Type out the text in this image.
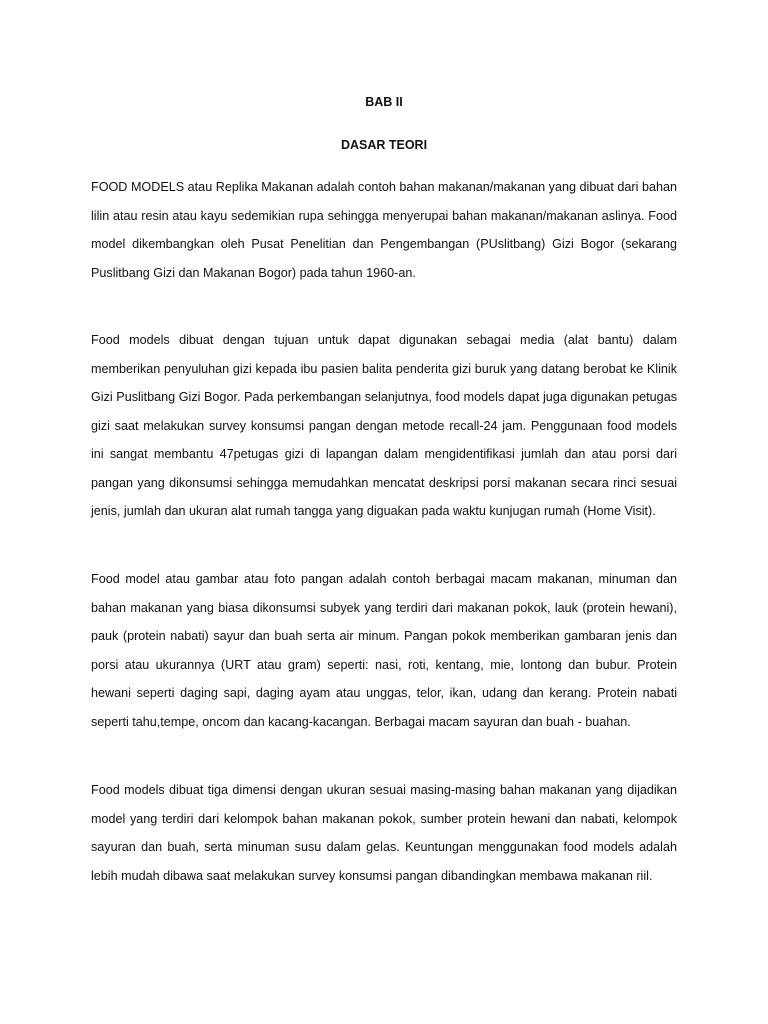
BAB II
DASAR TEORI

FOOD MODELS atau Replika Makanan adalah contoh bahan makanan/makanan yang dibuat dari bahan lilin atau resin atau kayu sedemikian rupa sehingga menyerupai bahan makanan/makanan aslinya. Food model dikembangkan oleh Pusat Penelitian dan Pengembangan (PUslitbang) Gizi Bogor (sekarang Puslitbang Gizi dan Makanan Bogor) pada tahun 1960-an.

Food models dibuat dengan tujuan untuk dapat digunakan sebagai media (alat bantu) dalam memberikan penyuluhan gizi kepada ibu pasien balita penderita gizi buruk yang datang berobat ke Klinik Gizi Puslitbang Gizi Bogor. Pada perkembangan selanjutnya, food models dapat juga digunakan petugas gizi saat melakukan survey konsumsi pangan dengan metode recall-24 jam. Penggunaan food models ini sangat membantu 47petugas gizi di lapangan dalam mengidentifikasi jumlah dan atau porsi dari pangan yang dikonsumsi sehingga memudahkan mencatat deskripsi porsi makanan secara rinci sesuai jenis, jumlah dan ukuran alat rumah tangga yang diguakan pada waktu kunjugan rumah (Home Visit).

Food model atau gambar atau foto pangan adalah contoh berbagai macam makanan, minuman dan bahan makanan yang biasa dikonsumsi subyek yang terdiri dari makanan pokok, lauk (protein hewani), pauk (protein nabati) sayur dan buah serta air minum. Pangan pokok memberikan gambaran jenis dan porsi atau ukurannya (URT atau gram) seperti: nasi, roti, kentang, mie, lontong dan bubur. Protein hewani seperti daging sapi, daging ayam atau unggas, telor, ikan, udang dan kerang. Protein nabati seperti tahu,tempe, oncom dan kacang-kacangan. Berbagai macam sayuran dan buah - buahan.

Food models dibuat tiga dimensi dengan ukuran sesuai masing-masing bahan makanan yang dijadikan model yang terdiri dari kelompok bahan makanan pokok, sumber protein hewani dan nabati, kelompok sayuran dan buah, serta minuman susu dalam gelas. Keuntungan menggunakan food models adalah lebih mudah dibawa saat melakukan survey konsumsi pangan dibandingkan membawa makanan riil.
